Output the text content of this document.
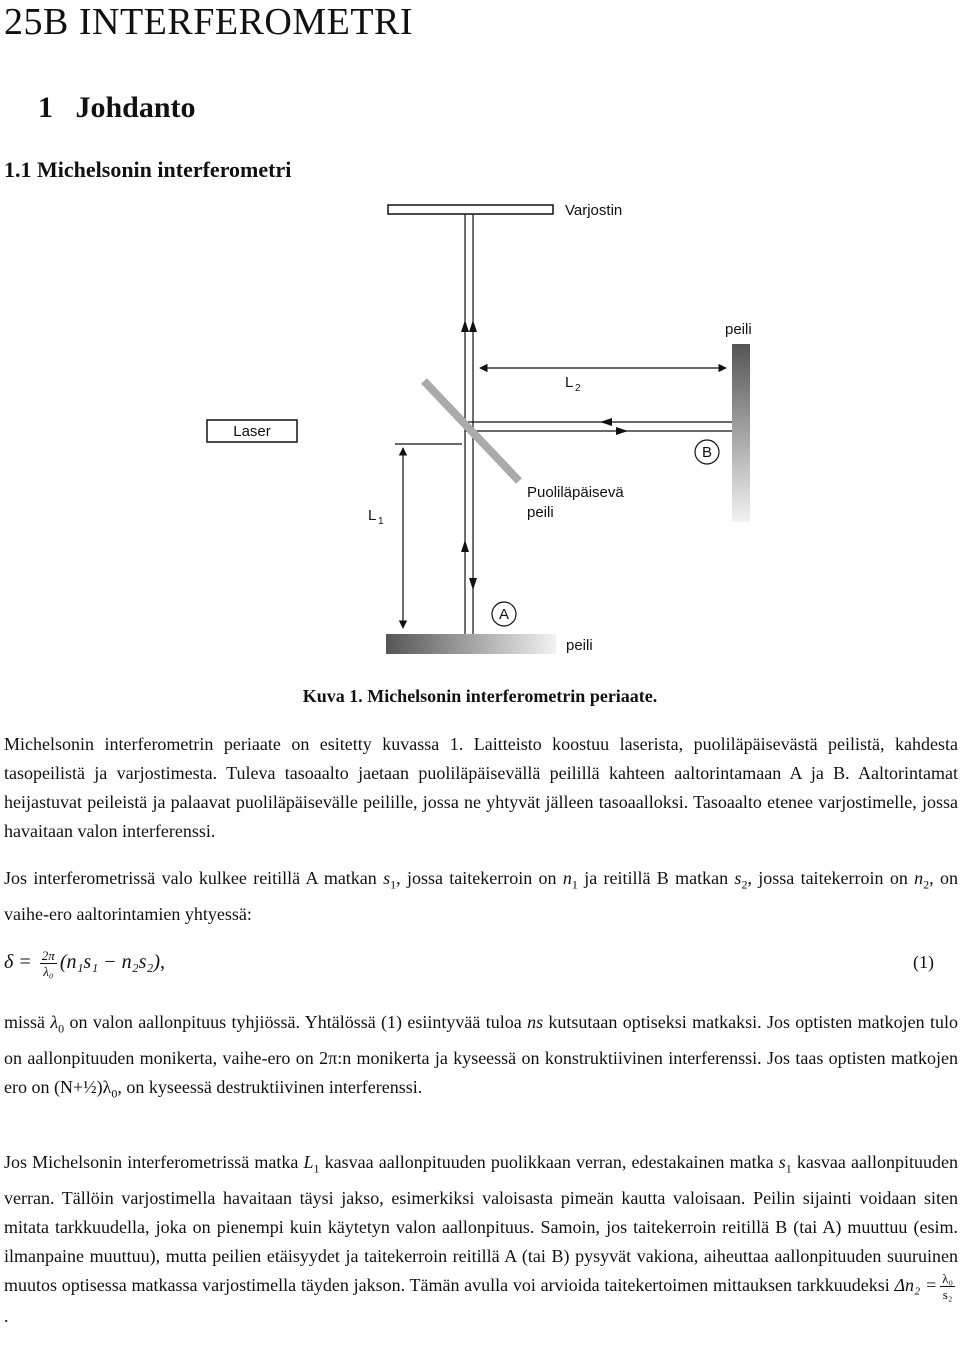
25B INTERFEROMETRI
1   Johdanto
1.1 Michelsonin interferometri
Laser
L 1
L 2
Varjostin
peili
B
A
Puoliläpäisevä
peili
peili
Kuva 1. Michelsonin interferometrin periaate.
Michelsonin interferometrin periaate on esitetty kuvassa 1. Laitteisto koostuu laserista, puoliläpäisevästä peilistä, kahdesta tasopeilistä ja varjostimesta. Tuleva tasoaalto jaetaan puoliläpäisevällä peilillä kahteen aaltorintamaan A ja B. Aaltorintamat heijastuvat peileistä ja palaavat puoliläpäisevälle peilille, jossa ne yhtyvät jälleen tasoaalloksi. Tasoaalto etenee varjostimelle, jossa havaitaan valon interferenssi.
Jos interferometrissä valo kulkee reitillä A matkan $s_1$, jossa taitekerroin on $n_1$ ja reitillä B matkan $s_2$, jossa taitekerroin on $n_2$, on vaihe-ero aaltorintamien yhtyessä:
$\delta = \frac{2\pi}{\text{λ₀}} (n_1s_1 - n_2s_2)$,	(1)
missä $\lambda_0$ on valon aallonpituus tyhjiössä. Yhtälössä (1) esiintyvää tuloa ns kutsutaan optiseksi matkaksi. Jos optisten matkojen tulo on aallonpituuden monikerta, vaihe-ero on 2π:n monikerta ja kyseessä on konstruktiivinen interferenssi. Jos taas optisten matkojen ero on $(N+\frac{1}{2})\lambda_0$, on kyseessä destruktiivinen interferenssi.
Jos Michelsonin interferometrissä matka $L_1$ kasvaa aallonpituuden puolikkaan verran, edestakainen matka $s_1$ kasvaa aallonpituuden verran. Tällöin varjostimella havaitaan täysi jakso, esimerkiksi valoisasta pimeän kautta valoisaan. Peilin sijainti voidaan siten mitata tarkkuudella, joka on pienempi kuin käytetyn valon aallonpituus. Samoin, jos taitekerroin reitillä B (tai A) muuttuu (esim. ilmanpaine muuttuu), mutta peilien etäisyydet ja taitekerroin reitillä A (tai B) pysyvät vakiona, aiheuttaa aallonpituuden suuruinen muutos optisessa matkassa varjostimella täyden jakson. Tämän avulla voi arvioida taitekertoimen mittauksen tarkkuudeksi $\Delta n_2 = \frac{\text{λ₀}}{\text{s₂}}$
.
